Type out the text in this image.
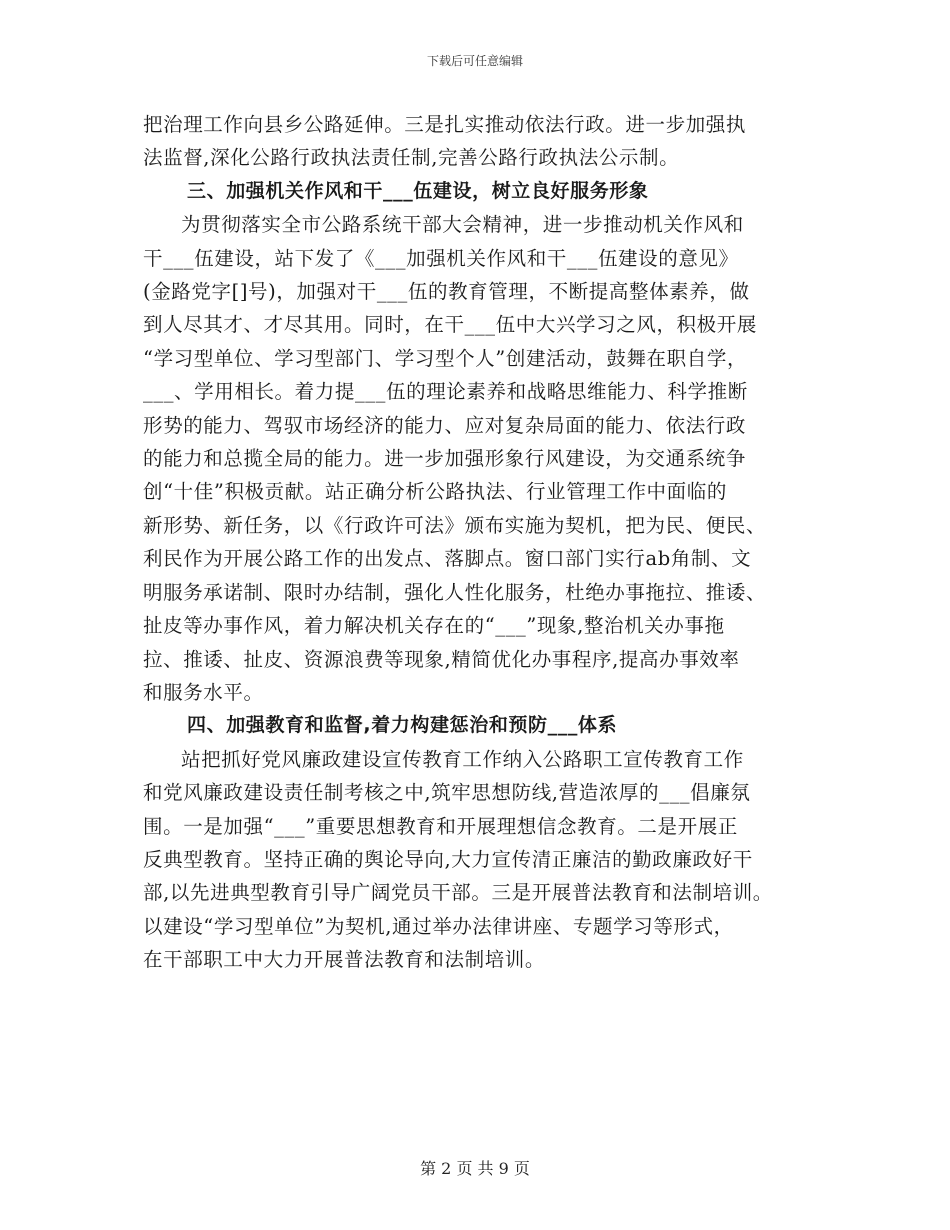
下载后可任意编辑
把治理工作向县乡公路延伸。三是扎实推动依法行政。进一步加强执
法监督,深化公路行政执法责任制,完善公路行政执法公示制。
三、加强机关作风和干___伍建设，树立良好服务形象
为贯彻落实全市公路系统干部大会精神，进一步推动机关作风和
干___伍建设，站下发了《___加强机关作风和干___伍建设的意见》
(金路党字[]号)，加强对干___伍的教育管理，不断提高整体素养，做
到人尽其才、才尽其用。同时，在干___伍中大兴学习之风，积极开展
“学习型单位、学习型部门、学习型个人”创建活动，鼓舞在职自学，
___、学用相长。着力提___伍的理论素养和战略思维能力、科学推断
形势的能力、驾驭市场经济的能力、应对复杂局面的能力、依法行政
的能力和总揽全局的能力。进一步加强形象行风建设，为交通系统争
创“十佳”积极贡献。站正确分析公路执法、行业管理工作中面临的
新形势、新任务，以《行政许可法》颁布实施为契机，把为民、便民、
利民作为开展公路工作的出发点、落脚点。窗口部门实行ab角制、文
明服务承诺制、限时办结制，强化人性化服务，杜绝办事拖拉、推诿、
扯皮等办事作风，着力解决机关存在的“___”现象,整治机关办事拖
拉、推诿、扯皮、资源浪费等现象,精简优化办事程序,提高办事效率
和服务水平。
四、加强教育和监督,着力构建惩治和预防___体系
站把抓好党风廉政建设宣传教育工作纳入公路职工宣传教育工作
和党风廉政建设责任制考核之中,筑牢思想防线,营造浓厚的___倡廉氛
围。一是加强“___”重要思想教育和开展理想信念教育。二是开展正
反典型教育。坚持正确的舆论导向,大力宣传清正廉洁的勤政廉政好干
部,以先进典型教育引导广阔党员干部。三是开展普法教育和法制培训。
以建设“学习型单位”为契机,通过举办法律讲座、专题学习等形式，
在干部职工中大力开展普法教育和法制培训。
第 2 页 共 9 页
